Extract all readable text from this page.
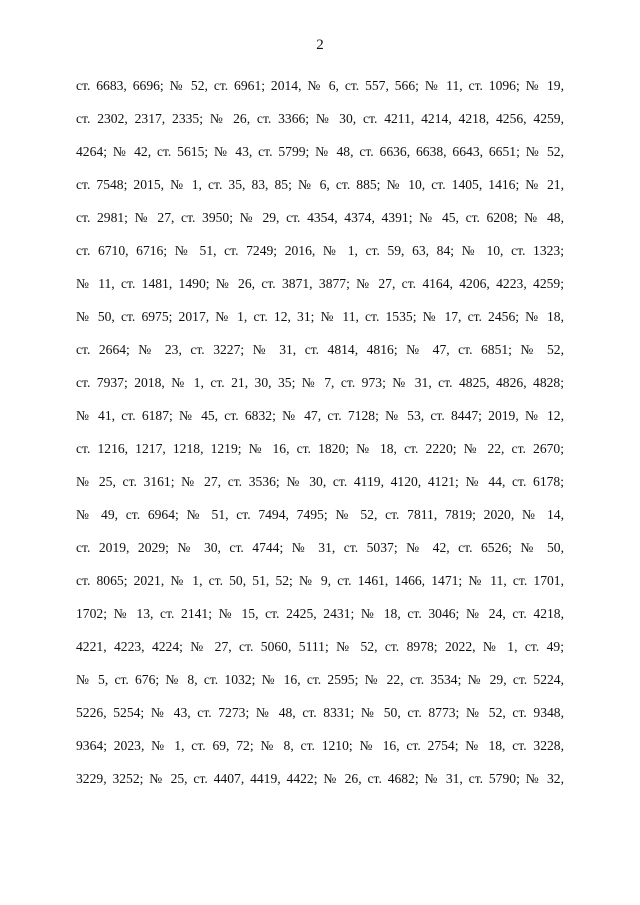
2
ст. 6683, 6696; № 52, ст. 6961; 2014, № 6, ст. 557, 566; № 11, ст. 1096; № 19,
ст. 2302, 2317, 2335; № 26, ст. 3366; № 30, ст. 4211, 4214, 4218, 4256, 4259,
4264; № 42, ст. 5615; № 43, ст. 5799; № 48, ст. 6636, 6638, 6643, 6651; № 52,
ст. 7548; 2015, № 1, ст. 35, 83, 85; № 6, ст. 885; № 10, ст. 1405, 1416; № 21,
ст. 2981; № 27, ст. 3950; № 29, ст. 4354, 4374, 4391; № 45, ст. 6208; № 48,
ст. 6710, 6716; № 51, ст. 7249; 2016, № 1, ст. 59, 63, 84; № 10, ст. 1323;
№ 11, ст. 1481, 1490; № 26, ст. 3871, 3877; № 27, ст. 4164, 4206, 4223, 4259;
№ 50, ст. 6975; 2017, № 1, ст. 12, 31; № 11, ст. 1535; № 17, ст. 2456; № 18,
ст. 2664; № 23, ст. 3227; № 31, ст. 4814, 4816; № 47, ст. 6851; № 52,
ст. 7937; 2018, № 1, ст. 21, 30, 35; № 7, ст. 973; № 31, ст. 4825, 4826, 4828;
№ 41, ст. 6187; № 45, ст. 6832; № 47, ст. 7128; № 53, ст. 8447; 2019, № 12,
ст. 1216, 1217, 1218, 1219; № 16, ст. 1820; № 18, ст. 2220; № 22, ст. 2670;
№ 25, ст. 3161; № 27, ст. 3536; № 30, ст. 4119, 4120, 4121; № 44, ст. 6178;
№ 49, ст. 6964; № 51, ст. 7494, 7495; № 52, ст. 7811, 7819; 2020, № 14,
ст. 2019, 2029; № 30, ст. 4744; № 31, ст. 5037; № 42, ст. 6526; № 50,
ст. 8065; 2021, № 1, ст. 50, 51, 52; № 9, ст. 1461, 1466, 1471; № 11, ст. 1701,
1702; № 13, ст. 2141; № 15, ст. 2425, 2431; № 18, ст. 3046; № 24, ст. 4218,
4221, 4223, 4224; № 27, ст. 5060, 5111; № 52, ст. 8978; 2022, № 1, ст. 49;
№ 5, ст. 676; № 8, ст. 1032; № 16, ст. 2595; № 22, ст. 3534; № 29, ст. 5224,
5226, 5254; № 43, ст. 7273; № 48, ст. 8331; № 50, ст. 8773; № 52, ст. 9348,
9364; 2023, № 1, ст. 69, 72; № 8, ст. 1210; № 16, ст. 2754; № 18, ст. 3228,
3229, 3252; № 25, ст. 4407, 4419, 4422; № 26, ст. 4682; № 31, ст. 5790; № 32,
